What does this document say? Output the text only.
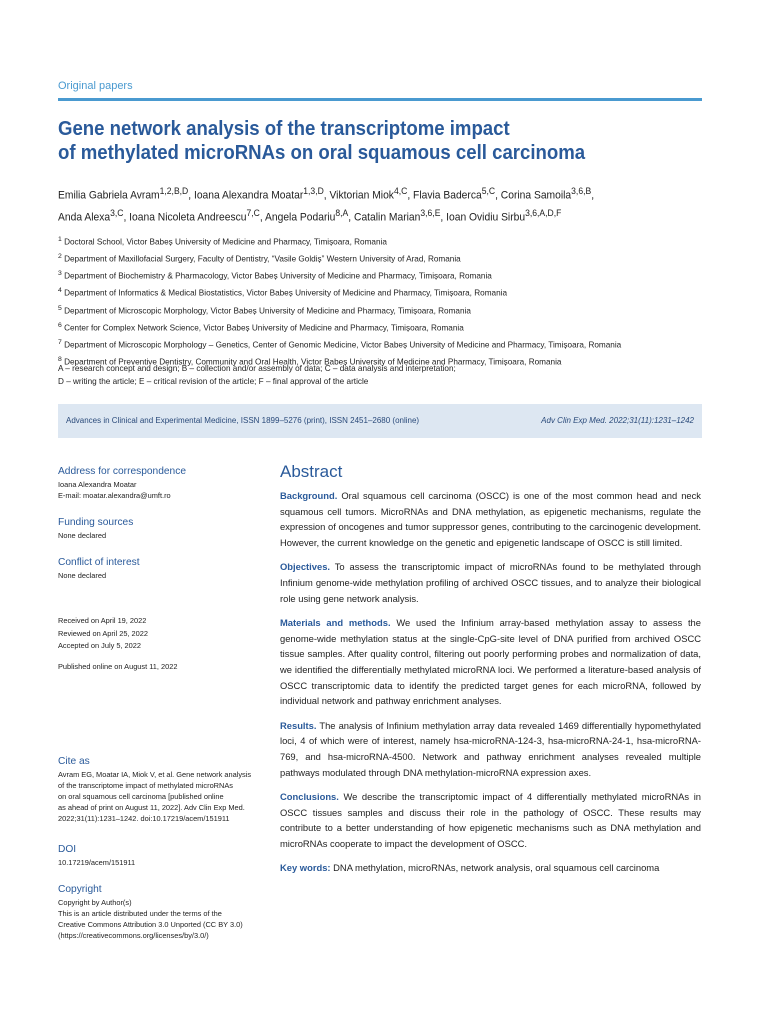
Original papers
Gene network analysis of the transcriptome impact
of methylated microRNAs on oral squamous cell carcinoma
Emilia Gabriela Avram$^{1,2,B,D}$, Ioana Alexandra Moatar$^{1,3,D}$, Viktorian Miok$^{4,C}$, Flavia Baderca$^{5,C}$, Corina Samoila$^{3,6,B}$,
Anda Alexa$^{3,C}$, Ioana Nicoleta Andreescu$^{7,C}$, Angela Podariu$^{8,A}$, Catalin Marian$^{3,6,E}$, Ioan Ovidiu Sirbu$^{3,6,A,D,F}$
$^1$ Doctoral School, Victor Babeș University of Medicine and Pharmacy, Timișoara, Romania
$^2$ Department of Maxillofacial Surgery, Faculty of Dentistry, “Vasile Goldiș” Western University of Arad, Romania
$^3$ Department of Biochemistry & Pharmacology, Victor Babeș University of Medicine and Pharmacy, Timișoara, Romania
$^4$ Department of Informatics & Medical Biostatistics, Victor Babeș University of Medicine and Pharmacy, Timișoara, Romania
$^5$ Department of Microscopic Morphology, Victor Babeș University of Medicine and Pharmacy, Timișoara, Romania
$^6$ Center for Complex Network Science, Victor Babeș University of Medicine and Pharmacy, Timișoara, Romania
$^7$ Department of Microscopic Morphology – Genetics, Center of Genomic Medicine, Victor Babeș University of Medicine and Pharmacy, Timișoara, Romania
$^8$ Department of Preventive Dentistry, Community and Oral Health, Victor Babeș University of Medicine and Pharmacy, Timișoara, Romania
A – research concept and design; B – collection and/or assembly of data; C – data analysis and interpretation;
D – writing the article; E – critical revision of the article; F – final approval of the article
Advances in Clinical and Experimental Medicine, ISSN 1899–5276 (print), ISSN 2451–2680 (online)	Adv Clin Exp Med. 2022;31(11):1231–1242
Address for correspondence
Ioana Alexandra Moatar
E-mail: moatar.alexandra@umft.ro
Funding sources
None declared
Conflict of interest
None declared
Received on April 19, 2022
Reviewed on April 25, 2022
Accepted on July 5, 2022
Published online on August 11, 2022
Cite as
Avram EG, Moatar IA, Miok V, et al. Gene network analysis
of the transcriptome impact of methylated microRNAs
on oral squamous cell carcinoma [published online
as ahead of print on August 11, 2022]. Adv Clin Exp Med.
2022;31(11):1231–1242. doi:10.17219/acem/151911
DOI
10.17219/acem/151911
Copyright
Copyright by Author(s)
This is an article distributed under the terms of the
Creative Commons Attribution 3.0 Unported (CC BY 3.0)
(https://creativecommons.org/licenses/by/3.0/)
Abstract

Background. Oral squamous cell carcinoma (OSCC) is one of the most common head and neck squamous cell tumors. MicroRNAs and DNA methylation, as epigenetic mechanisms, regulate the expression of oncogenes and tumor suppressor genes, contributing to the carcinogenic development. However, the current knowledge on the genetic and epigenetic landscape of OSCC is still limited.

Objectives. To assess the transcriptomic impact of microRNAs found to be methylated through Infinium genome-wide methylation profiling of archived OSCC tissues, and to analyze their biological role using gene network analysis.

Materials and methods. We used the Infinium array-based methylation assay to assess the genome-wide methylation status at the single-CpG-site level of DNA purified from archived OSCC tissue samples. After quality control, filtering out poorly performing probes and normalization of data, we identified the differentially methylated microRNA loci. We performed a literature-based analysis of OSCC transcriptomic data to identify the predicted target genes for each microRNA, followed by individual network and pathway enrichment analyses.

Results. The analysis of Infinium methylation array data revealed 1469 differentially hypomethylated loci, 4 of which were of interest, namely hsa-microRNA-124-3, hsa-microRNA-24-1, hsa-microRNA-769, and hsa-microRNA-4500. Network and pathway enrichment analyses revealed multiple pathways modulated through DNA methylation-microRNA expression axes.

Conclusions. We describe the transcriptomic impact of 4 differentially methylated microRNAs in OSCC tissues samples and discuss their role in the pathology of OSCC. These results may contribute to a better understanding of how epigenetic mechanisms such as DNA methylation and microRNAs cooperate to impact the development of OSCC.

Key words: DNA methylation, microRNAs, network analysis, oral squamous cell carcinoma
